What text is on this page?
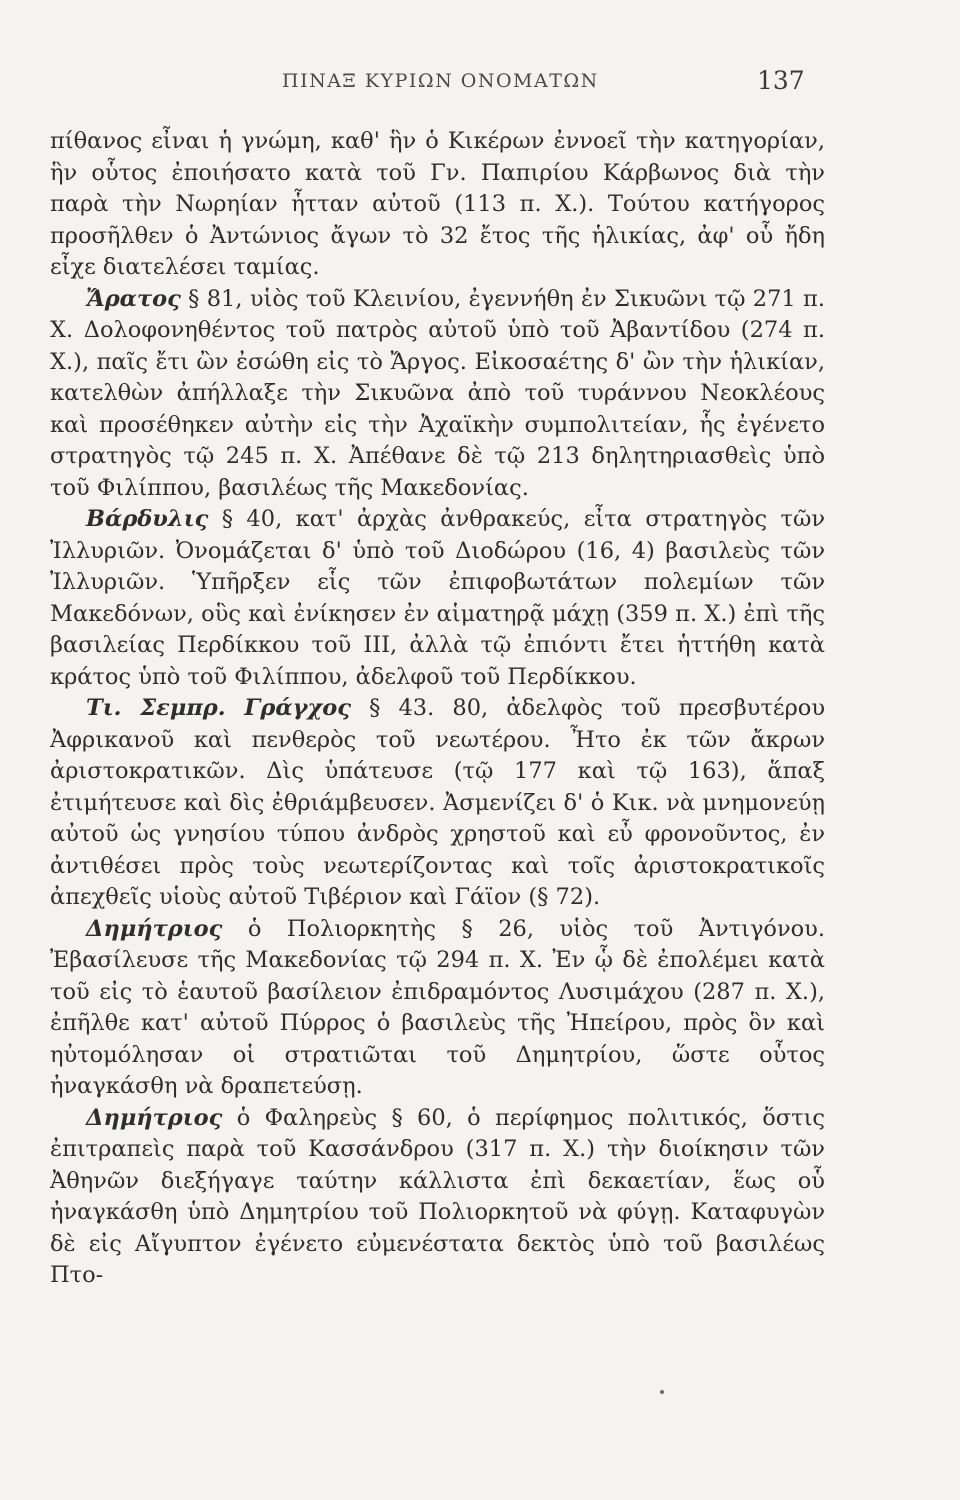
ΠΙΝΑΞ ΚΥΡΙΩΝ ΟΝΟΜΑΤΩΝ	137

πίθανος εἶναι ἡ γνώμη, καθ' ἣν ὁ Κικέρων ἐννοεῖ τὴν κατηγορίαν, ἣν οὗτος ἐποιήσατο κατὰ τοῦ Γν. Παπιρίου Κάρβωνος διὰ τὴν παρὰ τὴν Νωρηίαν ἧτταν αὐτοῦ (113 π. Χ.). Τούτου κατήγορος προσῆλθεν ὁ Ἀντώνιος ἄγων τὸ 32 ἔτος τῆς ἡλικίας, ἀφ' οὗ ἤδη εἶχε διατελέσει ταμίας.

Ἄρατος § 81, υἱὸς τοῦ Κλεινίου, ἐγεννήθη ἐν Σικυῶνι τῷ 271 π. Χ. Δολοφονηθέντος τοῦ πατρὸς αὐτοῦ ὑπὸ τοῦ Ἀβαντίδου (274 π. Χ.), παῖς ἔτι ὢν ἐσώθη εἰς τὸ Ἄργος. Εἰκοσαέτης δ' ὢν τὴν ἡλικίαν, κατελθὼν ἀπήλλαξε τὴν Σικυῶνα ἀπὸ τοῦ τυράννου Νεοκλέους καὶ προσέθηκεν αὐτὴν εἰς τὴν Ἀχαϊκὴν συμπολιτείαν, ἧς ἐγένετο στρατηγὸς τῷ 245 π. Χ. Ἀπέθανε δὲ τῷ 213 δηλητηριασθεὶς ὑπὸ τοῦ Φιλίππου, βασιλέως τῆς Μακεδονίας.

Βάρδυλις § 40, κατ' ἀρχὰς ἀνθρακεύς, εἶτα στρατηγὸς τῶν Ἰλλυριῶν. Ὀνομάζεται δ' ὑπὸ τοῦ Διοδώρου (16, 4) βασιλεὺς τῶν Ἰλλυριῶν. Ὑπῆρξεν εἷς τῶν ἐπιφοβωτάτων πολεμίων τῶν Μακεδόνων, οὓς καὶ ἐνίκησεν ἐν αἱματηρᾷ μάχῃ (359 π. Χ.) ἐπὶ τῆς βασιλείας Περδίκκου τοῦ III, ἀλλὰ τῷ ἐπιόντι ἔτει ἡττήθη κατὰ κράτος ὑπὸ τοῦ Φιλίππου, ἀδελφοῦ τοῦ Περδίκκου.

Τι. Σεμπρ. Γράγχος § 43. 80, ἀδελφὸς τοῦ πρεσβυτέρου Ἀφρικανοῦ καὶ πενθερὸς τοῦ νεωτέρου. Ἦτο ἐκ τῶν ἄκρων ἀριστοκρατικῶν. Δὶς ὑπάτευσε (τῷ 177 καὶ τῷ 163), ἅπαξ ἐτιμήτευσε καὶ δὶς ἐθριάμβευσεν. Ἀσμενίζει δ' ὁ Κικ. νὰ μνημονεύῃ αὐτοῦ ὡς γνησίου τύπου ἀνδρὸς χρηστοῦ καὶ εὖ φρονοῦντος, ἐν ἀντιθέσει πρὸς τοὺς νεωτερίζοντας καὶ τοῖς ἀριστοκρατικοῖς ἀπεχθεῖς υἱοὺς αὐτοῦ Τιβέριον καὶ Γάϊον (§ 72).

Δημήτριος ὁ Πολιορκητὴς § 26, υἱὸς τοῦ Ἀντιγόνου. Ἐβασίλευσε τῆς Μακεδονίας τῷ 294 π. Χ. Ἐν ᾧ δὲ ἐπολέμει κατὰ τοῦ εἰς τὸ ἑαυτοῦ βασίλειον ἐπιδραμόντος Λυσιμάχου (287 π. Χ.), ἐπῆλθε κατ' αὐτοῦ Πύρρος ὁ βασιλεὺς τῆς Ἠπείρου, πρὸς ὃν καὶ ηὐτομόλησαν οἱ στρατιῶται τοῦ Δημητρίου, ὥστε οὗτος ἠναγκάσθη νὰ δραπετεύσῃ.

Δημήτριος ὁ Φαληρεὺς § 60, ὁ περίφημος πολιτικός, ὅστις ἐπιτραπεὶς παρὰ τοῦ Κασσάνδρου (317 π. Χ.) τὴν διοίκησιν τῶν Ἀθηνῶν διεξήγαγε ταύτην κάλλιστα ἐπὶ δεκαετίαν, ἕως οὗ ἠναγκάσθη ὑπὸ Δημητρίου τοῦ Πολιορκητοῦ νὰ φύγῃ. Καταφυγὼν δὲ εἰς Αἴγυπτον ἐγένετο εὐμενέστατα δεκτὸς ὑπὸ τοῦ βασιλέως Πτο-
